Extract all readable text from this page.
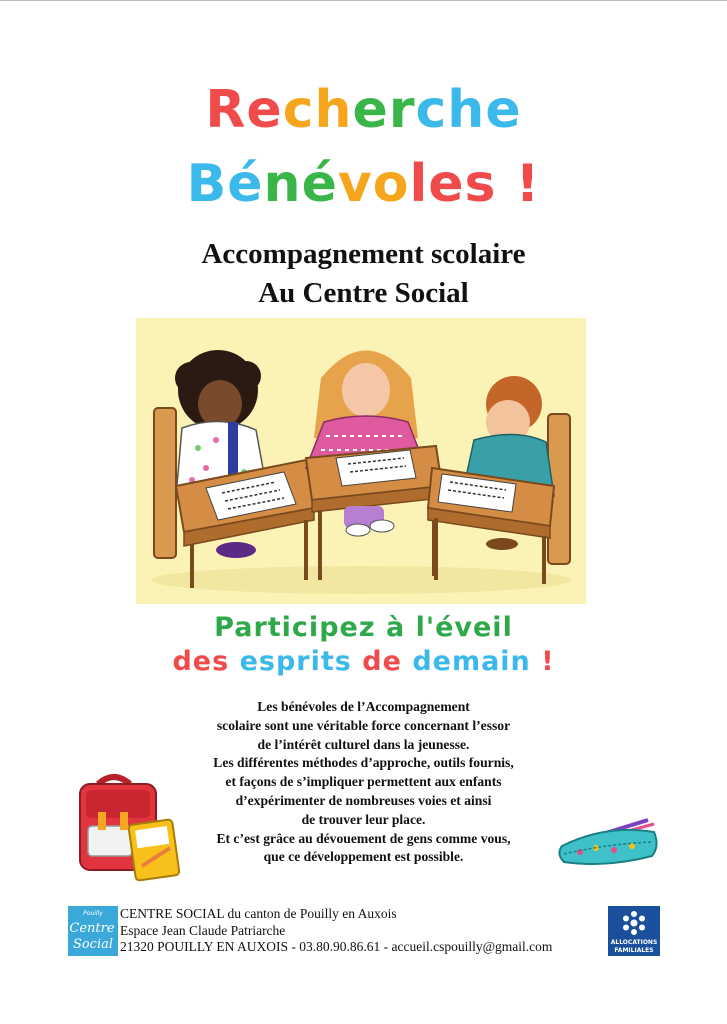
Recherche
Bénévoles !
Accompagnement scolaire
Au Centre Social
Participez à l'éveil
des esprits de demain !
Les bénévoles de l’Accompagnement
scolaire sont une véritable force concernant l’essor
de l’intérêt culturel dans la jeunesse.
Les différentes méthodes d’approche, outils fournis,
et façons de s’impliquer permettent aux enfants
d’expérimenter de nombreuses voies et ainsi
de trouver leur place.
Et c’est grâce au dévouement de gens comme vous,
que ce développement est possible.
Pouilly
Centre
Social
CENTRE SOCIAL du canton de Pouilly en Auxois
Espace Jean Claude Patriarche
21320 POUILLY EN AUXOIS - 03.80.90.86.61 - accueil.cspouilly@gmail.com	ALLOCATIONS
FAMILIALES
